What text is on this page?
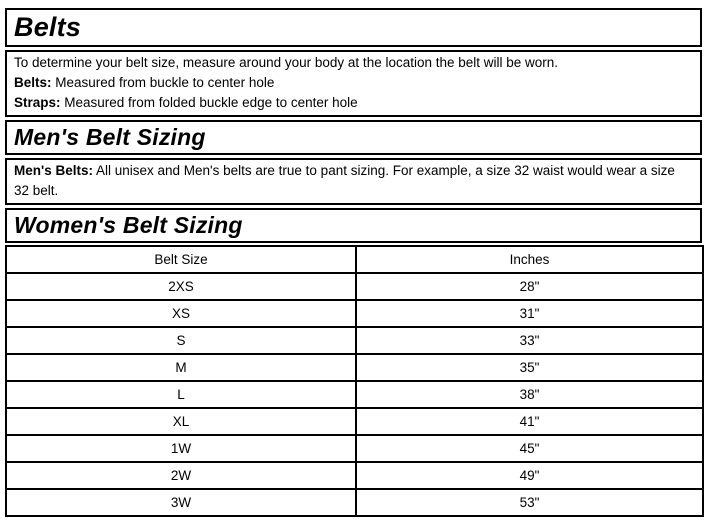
Belts

To determine your belt size, measure around your body at the location the belt will be worn.

Belts: Measured from buckle to center hole

Straps: Measured from folded buckle edge to center hole

Men's Belt Sizing

Men's Belts: All unisex and Men's belts are true to pant sizing. For example, a size 32 waist would wear a size 32 belt.

Women's Belt Sizing
Belt Size	Inches
2XS	28"
XS	31"
S	33"
M	35"
L	38"
XL	41"
1W	45"
2W	49"
3W	53"
